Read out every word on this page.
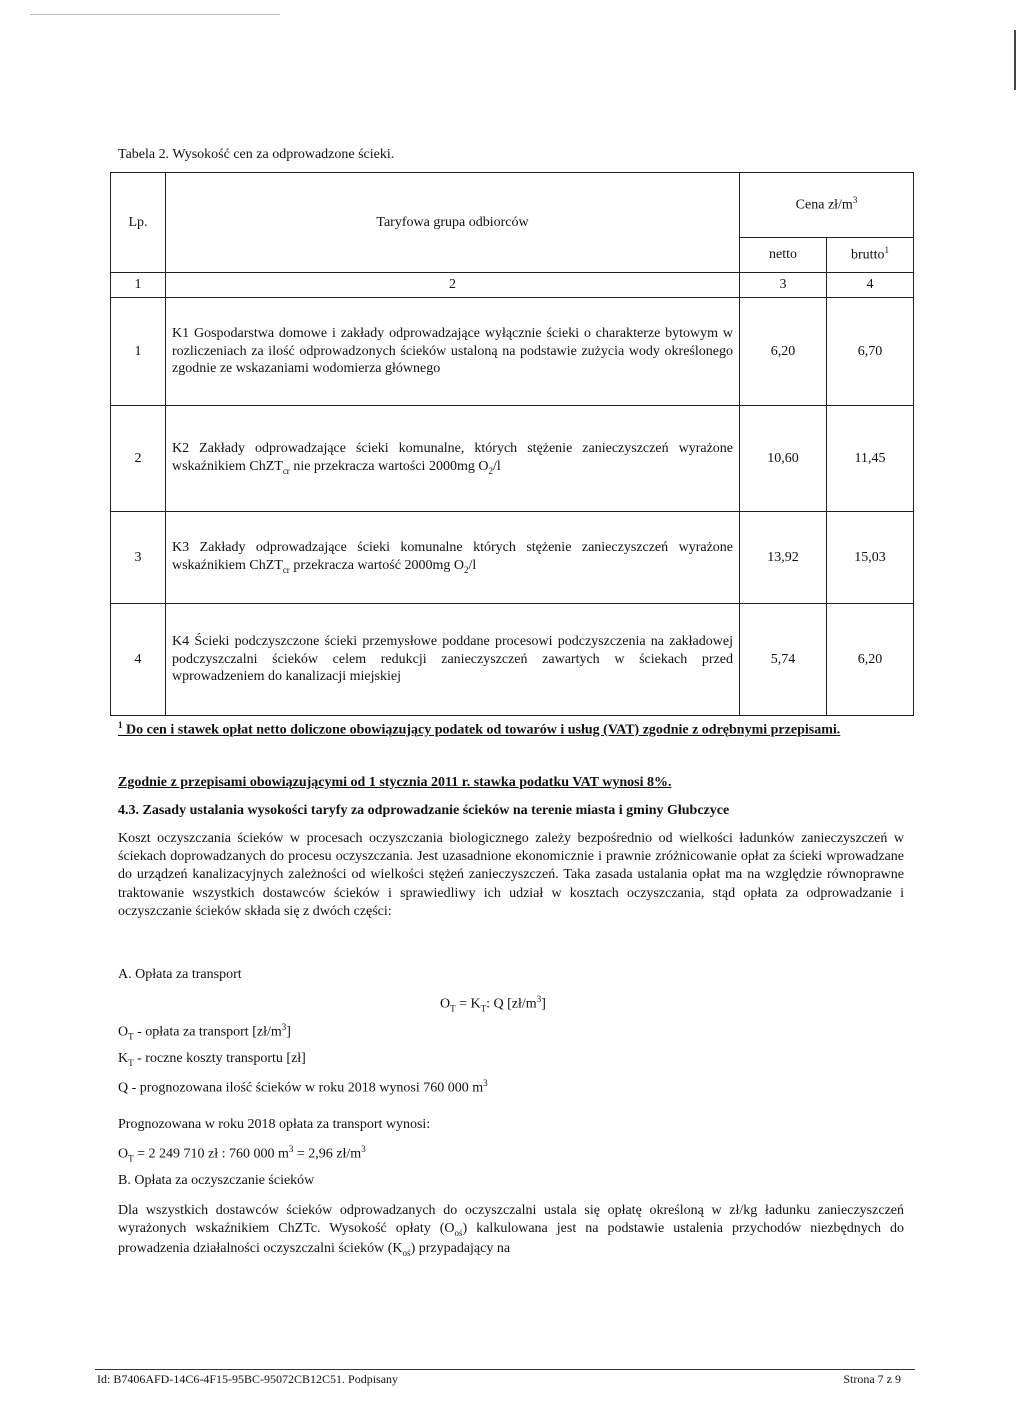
Tabela 2. Wysokość cen za odprowadzone ścieki.
Lp.	Taryfowa grupa odbiorców	Cena $zł/m^3$
		netto	brutto$^1$
1	2	3	4
1	K1 Gospodarstwa domowe i zakłady odprowadzające wyłącznie ścieki o charakterze bytowym w rozliczeniach za ilość odprowadzonych ścieków ustaloną na podstawie zużycia wody określonego zgodnie ze wskazaniami wodomierza głównego	6,20	6,70
2	K2 Zakłady odprowadzające ścieki komunalne, których stężenie zanieczyszczeń wyrażone wskaźnikiem ChZT$_{cr}$ nie przekracza wartości 2000mg $O_2/l$	10,60	11,45
3	K3 Zakłady odprowadzające ścieki komunalne których stężenie zanieczyszczeń wyrażone wskaźnikiem ChZT$_{cr}$ przekracza wartość 2000mg $O_2/l$	13,92	15,03
4	K4 Ścieki podczyszczone ścieki przemysłowe poddane procesowi podczyszczenia na zakładowej podczyszczalni ścieków celem redukcji zanieczyszczeń zawartych w ściekach przed wprowadzeniem do kanalizacji miejskiej	5,74	6,20
$^1$ Do cen i stawek opłat netto doliczone obowiązujący podatek od towarów i usług (VAT) zgodnie z odrębnymi przepisami.
Zgodnie z przepisami obowiązującymi od 1 stycznia 2011 r. stawka podatku VAT wynosi 8%.
4.3. Zasady ustalania wysokości taryfy za odprowadzanie ścieków na terenie miasta i gminy Głubczyce
Koszt oczyszczania ścieków w procesach oczyszczania biologicznego zależy bezpośrednio od wielkości ładunków zanieczyszczeń w ściekach doprowadzanych do procesu oczyszczania. Jest uzasadnione ekonomicznie i prawnie zróżnicowanie opłat za ścieki wprowadzane do urządzeń kanalizacyjnych zależności od wielkości stężeń zanieczyszczeń. Taka zasada ustalania opłat ma na względzie równoprawne traktowanie wszystkich dostawców ścieków i sprawiedliwy ich udział w kosztach oczyszczania, stąd opłata za odprowadzanie i oczyszczanie ścieków składa się z dwóch części:
A. Opłata za transport
$O_T = K_T$: Q $[zł/m^3]$
$O_T$ - opłata za transport $[zł/m^3]$
$K_T$ - roczne koszty transportu [zł]
Q - prognozowana ilość ścieków w roku 2018 wynosi 760 000 $m^3$
Prognozowana w roku 2018 opłata za transport wynosi:
$O_T = 2$ 249 710 zł : 760 000 $m^3 = 2,96$ $zł/m^3$
B. Opłata za oczyszczanie ścieków
Dla wszystkich dostawców ścieków odprowadzanych do oczyszczalni ustala się opłatę określoną w zł/kg ładunku zanieczyszczeń wyrażonych wskaźnikiem ChZTc. Wysokość opłaty $(O_{oś})$ kalkulowana jest na podstawie ustalenia przychodów niezbędnych do prowadzenia działalności oczyszczalni ścieków $(K_{oś})$ przypadający na
Id: B7406AFD-14C6-4F15-95BC-95072CB12C51. Podpisany	Strona 7 z 9
